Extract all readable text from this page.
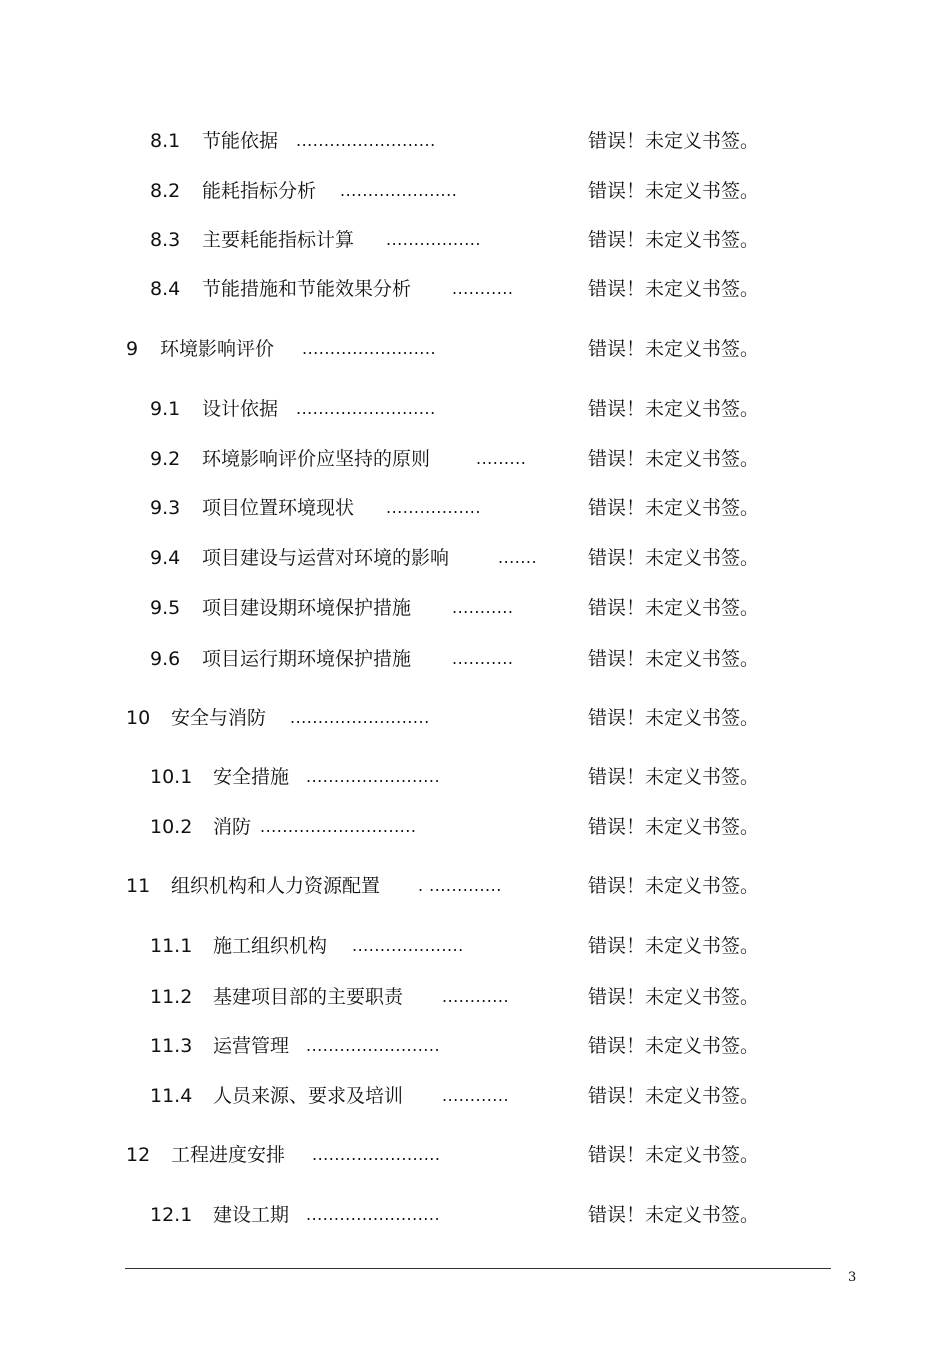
8.1 节能依据 .........................	错误！未定义书签。
8.2 能耗指标分析 .....................	错误！未定义书签。
8.3 主要耗能指标计算 .................	错误！未定义书签。
8.4 节能措施和节能效果分析	...........	错误！未定义书签。
9 环境影响评价 ........................	错误！未定义书签。
9.1 设计依据 .........................	错误！未定义书签。
9.2 环境影响评价应坚持的原则	.........	错误！未定义书签。
9.3 项目位置环境现状 .................	错误！未定义书签。
9.4 项目建设与运营对环境的影响	.......	错误！未定义书签。
9.5 项目建设期环境保护措施	...........	错误！未定义书签。
9.6 项目运行期环境保护措施	...........	错误！未定义书签。
10 安全与消防 .........................	错误！未定义书签。
10.1 安全措施 ........................	错误！未定义书签。
10.2 消防 ............................	错误！未定义书签。
11 组织机构和人力资源配置 . .............	错误！未定义书签。
11.1 施工组织机构 ....................	错误！未定义书签。
11.2 基建项目部的主要职责 ............	错误！未定义书签。
11.3 运营管理 ........................	错误！未定义书签。
11.4 人员来源、要求及培训 ............	错误！未定义书签。
12 工程进度安排 .......................	错误！未定义书签。
12.1 建设工期 ........................	错误！未定义书签。
3
